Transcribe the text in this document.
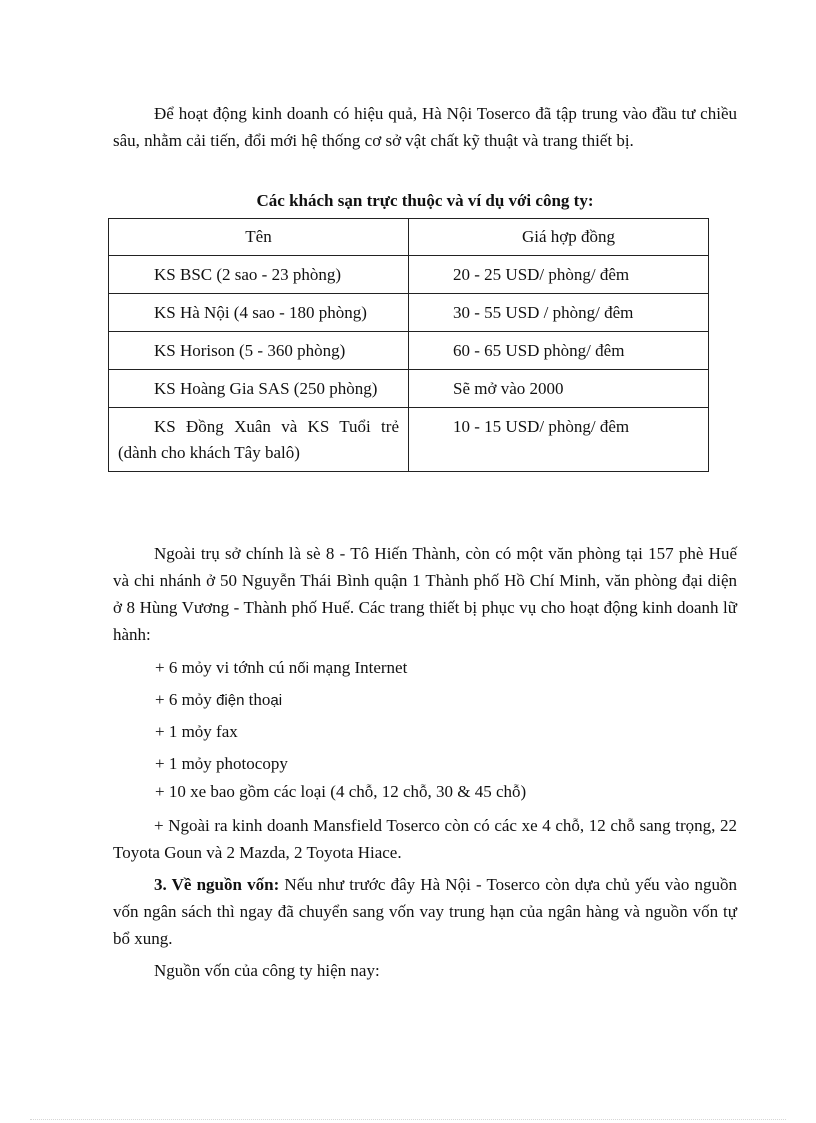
Để hoạt động kinh doanh có hiệu quả, Hà Nội Toserco đã tập trung vào đầu tư chiều sâu, nhằm cải tiến, đổi mới hệ thống cơ sở vật chất kỹ thuật và trang thiết bị.

Các khách sạn trực thuộc và ví dụ với công ty:

Tên	Giá hợp đồng
KS BSC (2 sao - 23 phòng)	20 - 25 USD/ phòng/ đêm
KS Hà Nội (4 sao - 180 phòng)	30 - 55 USD / phòng/ đêm
KS Horison (5 - 360 phòng)	60 - 65 USD phòng/ đêm
KS Hoàng Gia SAS (250 phòng)	Sẽ mở vào 2000
KS Đồng Xuân và KS Tuổi trẻ (dành cho khách Tây balô)	10 - 15 USD/ phòng/ đêm

Ngoài trụ sở chính là sè 8 - Tô Hiến Thành, còn có một văn phòng tại 157 phè Huế và chi nhánh ở 50 Nguyễn Thái Bình quận 1 Thành phố Hồ Chí Minh, văn phòng đại diện ở 8 Hùng Vương - Thành phố Huế. Các trang thiết bị phục vụ cho hoạt động kinh doanh lữ hành:

+ 6 mỏy vi tớnh cú nối mạng Internet
+ 6 mỏy điện thoại
+ 1 mỏy fax
+ 1 mỏy photocopy
+ 10 xe bao gồm các loại (4 chỗ, 12 chỗ, 30 & 45 chỗ)

+ Ngoài ra kinh doanh Mansfield Toserco còn có các xe 4 chỗ, 12 chỗ sang trọng, 22 Toyota Goun và 2 Mazda, 2 Toyota Hiace.

3. Về nguồn vốn: Nếu như trước đây Hà Nội - Toserco còn dựa chủ yếu vào nguồn vốn ngân sách thì ngay đã chuyển sang vốn vay trung hạn của ngân hàng và nguồn vốn tự bổ xung.

Nguồn vốn của công ty hiện nay:
